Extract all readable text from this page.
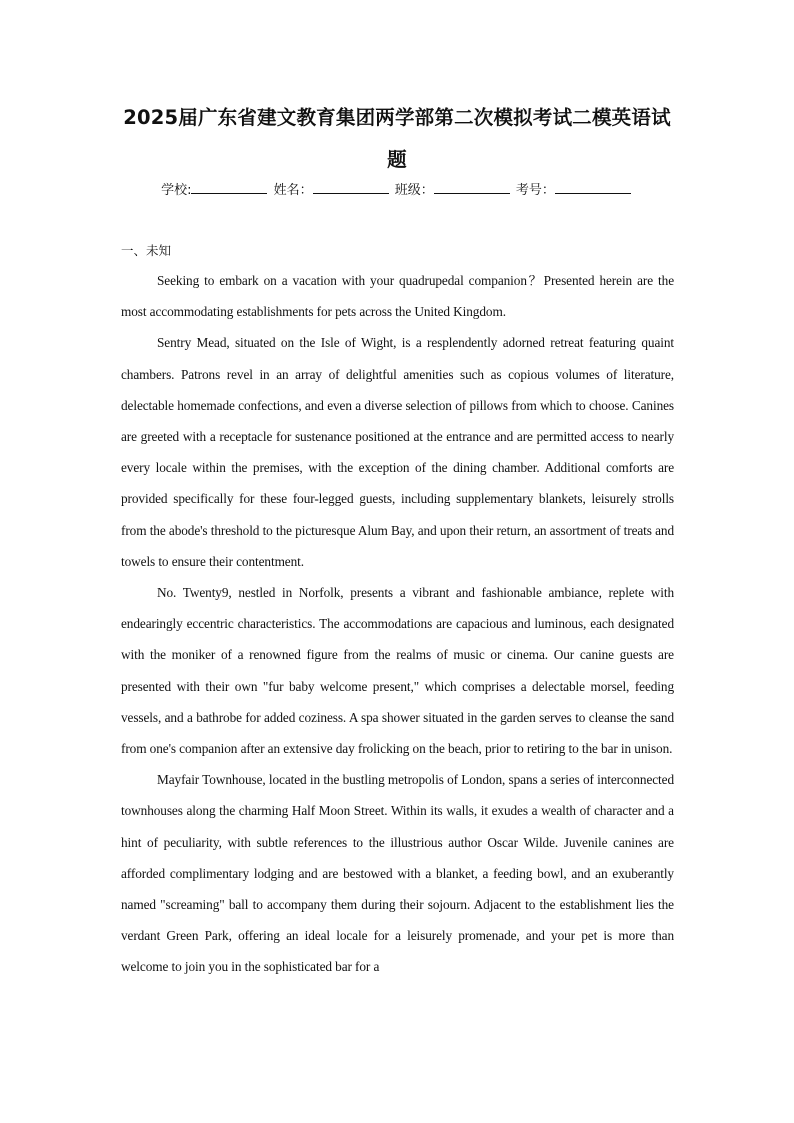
2025届广东省建文教育集团两学部第二次模拟考试二模英语试
题
学校:	姓名：	班级：	考号：
一、未知

Seeking to embark on a vacation with your quadrupedal companion？Presented herein are the most accommodating establishments for pets across the United Kingdom.

Sentry Mead, situated on the Isle of Wight, is a resplendently adorned retreat featuring quaint chambers. Patrons revel in an array of delightful amenities such as copious volumes of literature, delectable homemade confections, and even a diverse selection of pillows from which to choose. Canines are greeted with a receptacle for sustenance positioned at the entrance and are permitted access to nearly every locale within the premises, with the exception of the dining chamber. Additional comforts are provided specifically for these four-legged guests, including supplementary blankets, leisurely strolls from the abode's threshold to the picturesque Alum Bay, and upon their return, an assortment of treats and towels to ensure their contentment.

No. Twenty9, nestled in Norfolk, presents a vibrant and fashionable ambiance, replete with endearingly eccentric characteristics. The accommodations are capacious and luminous, each designated with the moniker of a renowned figure from the realms of music or cinema. Our canine guests are presented with their own "fur baby welcome present," which comprises a delectable morsel, feeding vessels, and a bathrobe for added coziness. A spa shower situated in the garden serves to cleanse the sand from one's companion after an extensive day frolicking on the beach, prior to retiring to the bar in unison.

Mayfair Townhouse, located in the bustling metropolis of London, spans a series of interconnected townhouses along the charming Half Moon Street. Within its walls, it exudes a wealth of character and a hint of peculiarity, with subtle references to the illustrious author Oscar Wilde. Juvenile canines are afforded complimentary lodging and are bestowed with a blanket, a feeding bowl, and an exuberantly named "screaming" ball to accompany them during their sojourn. Adjacent to the establishment lies the verdant Green Park, offering an ideal locale for a leisurely promenade, and your pet is more than welcome to join you in the sophisticated bar for a
